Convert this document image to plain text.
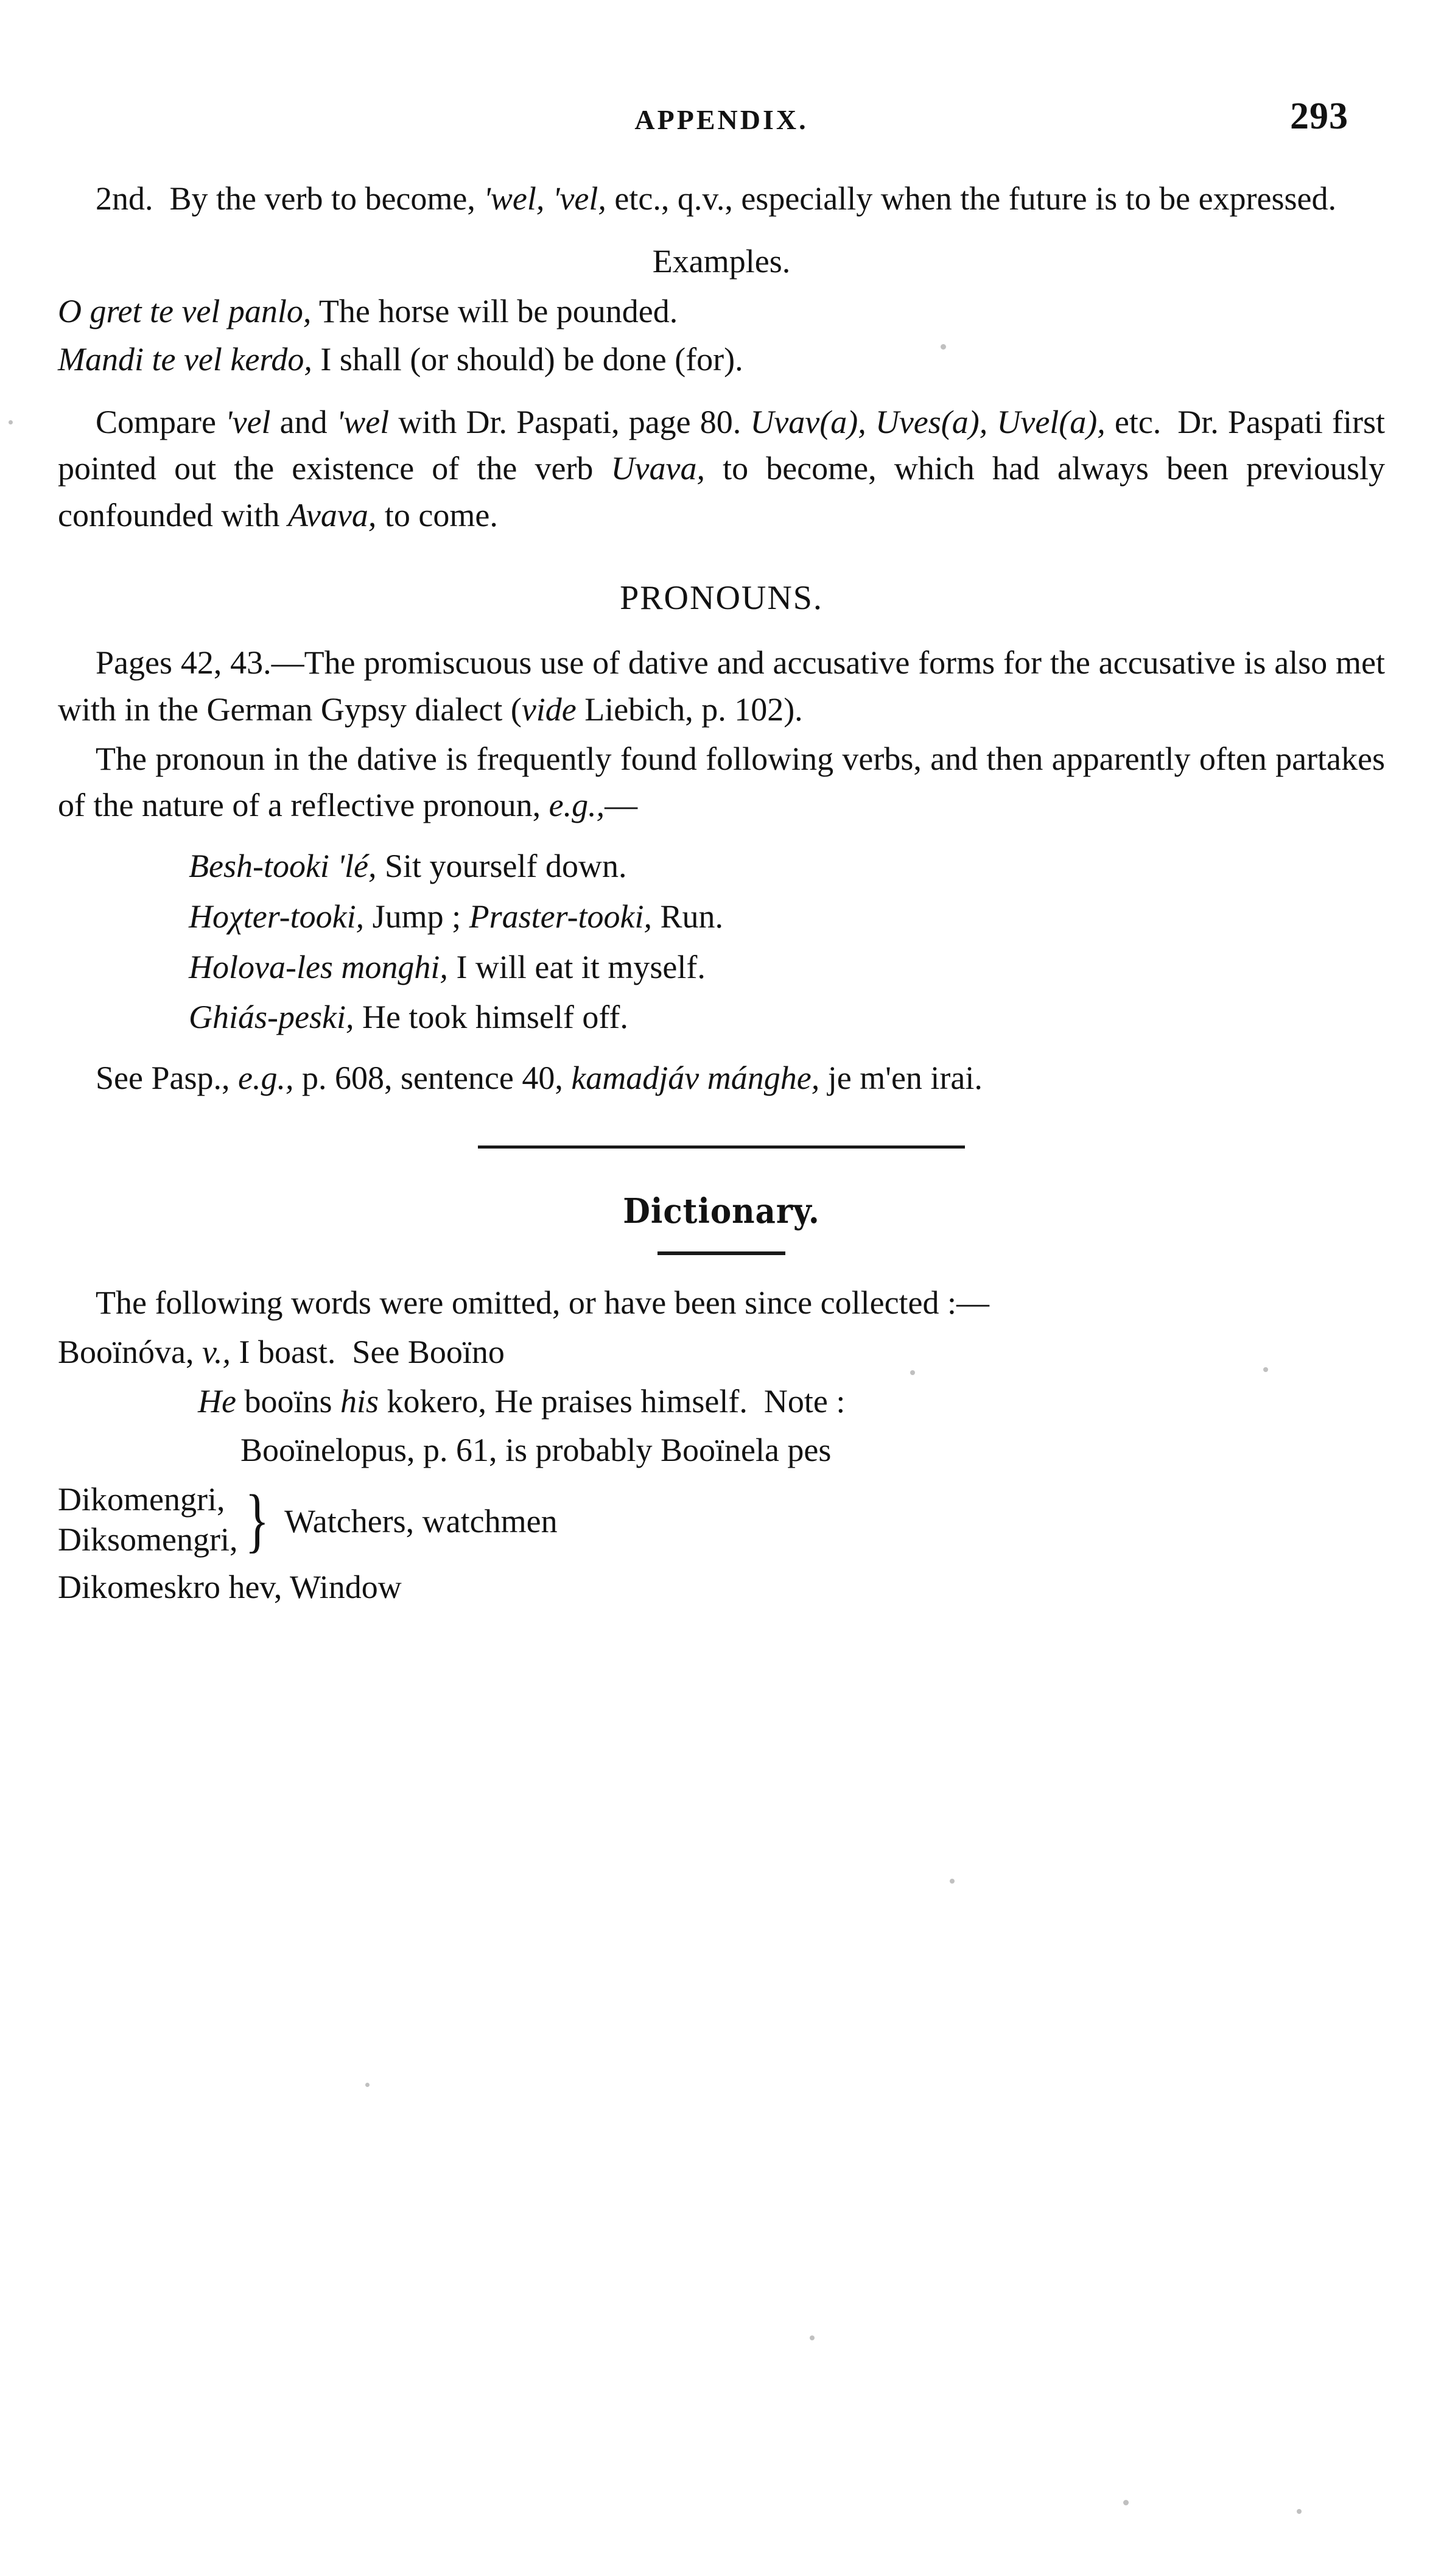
APPENDIX.	293

2nd. By the verb to become, 'wel, 'vel, etc., q.v., especially when the future is to be expressed.

Examples.

O gret te vel panlo, The horse will be pounded.

Mandi te vel kerdo, I shall (or should) be done (for).

Compare 'vel and 'wel with Dr. Paspati, page 80. Uvav(a), Uves(a), Uvel(a), etc. Dr. Paspati first pointed out the existence of the verb Uvava, to become, which had always been previously confounded with Avava, to come.

PRONOUNS.

Pages 42, 43.—The promiscuous use of dative and accusative forms for the accusative is also met with in the German Gypsy dialect (vide Liebich, p. 102).

The pronoun in the dative is frequently found following verbs, and then apparently often partakes of the nature of a reflective pronoun, e.g.,—

Besh-tooki 'lé, Sit yourself down.

Hoχter-tooki, Jump ; Praster-tooki, Run.

Holova-les monghi, I will eat it myself.

Ghiás-peski, He took himself off.

See Pasp., e.g., p. 608, sentence 40, kamadjáv mánghe, je m'en irai.

Dictionary.

The following words were omitted, or have been since collected :—

Booïnóva, v., I boast. See Booïno

He booïns his kokero, He praises himself. Note :

Booïnelopus, p. 61, is probably Booïnela pes

Dikomengri,
Diksomengri, } Watchers, watchmen

Dikomeskro hev, Window
